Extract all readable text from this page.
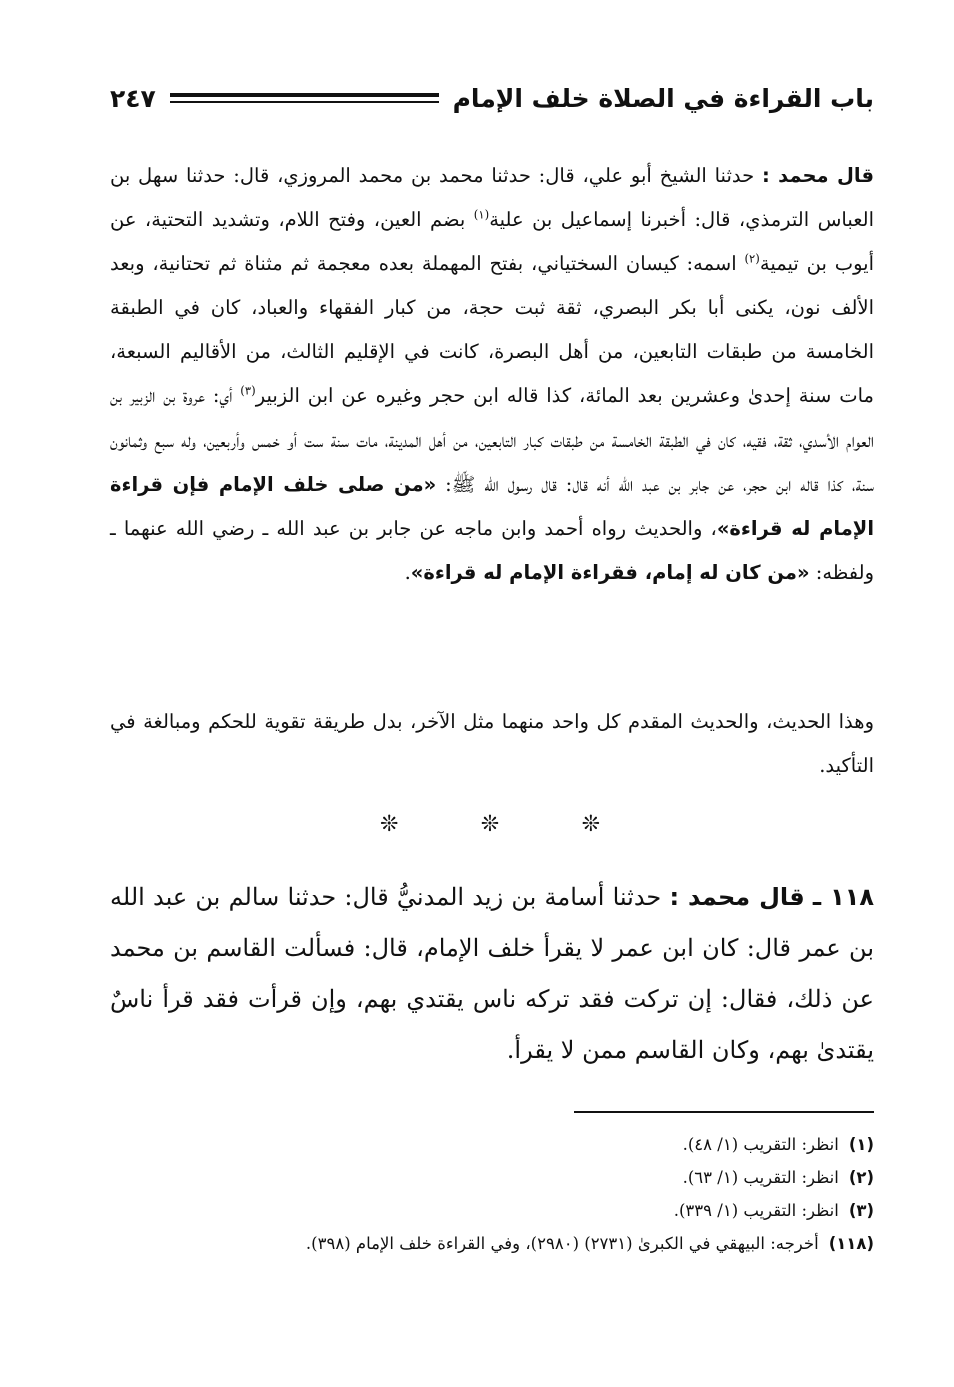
باب القراءة في الصلاة خلف الإمام
٢٤٧
قال محمد : حدثنا الشيخ أبو علي، قال: حدثنا محمد بن محمد المروزي، قال: حدثنا سهل بن العباس الترمذي، قال: أخبرنا إسماعيل بن علية$^{(١)}$ بضم العين، وفتح اللام، وتشديد التحتية، عن أيوب بن تيمية$^{(٢)}$ اسمه: كيسان السختياني، بفتح المهملة بعده معجمة ثم مثناة ثم تحتانية، وبعد الألف نون، يكنى أبا بكر البصري، ثقة ثبت حجة، من كبار الفقهاء والعباد، كان في الطبقة الخامسة من طبقات التابعين، من أهل البصرة، كانت في الإقليم الثالث، من الأقاليم السبعة، مات سنة إحدىٰ وعشرين بعد المائة، كذا قاله ابن حجر وغيره عن ابن الزبير$^{(٣)}$ أي: عروة بن الزبير بن العوام الأسدي، ثقة، فقيه، كان في الطبقة الخامسة من طبقات كبار التابعين، من أهل المدينة، مات سنة ست أو خمس وأربعين، وله سبع وثمانون سنة، كذا قاله ابن حجر، عن جابر بن عبد الله أنه قال: قال رسول الله ﷺ: «من صلى خلف الإمام فإن قراءة الإمام له قراءة»، والحديث رواه أحمد وابن ماجه عن جابر بن عبد الله ـ رضي الله عنهما ـ ولفظه: «من كان له إمام، فقراءة الإمام له قراءة».
وهذا الحديث، والحديث المقدم كل واحد منهما مثل الآخر، بدل طريقة تقوية للحكم ومبالغة في التأكيد.
❊
❊
❊
١١٨ ـ قال محمد : حدثنا أسامة بن زيد المدنيُّ قال: حدثنا سالم بن عبد الله بن عمر قال: كان ابن عمر لا يقرأ خلف الإمام، قال: فسألت القاسم بن محمد عن ذلك، فقال: إن تركت فقد تركه ناس يقتدي بهم، وإن قرأت فقد قرأ ناسٌ يقتدىٰ بهم، وكان القاسم ممن لا يقرأ.
(١)انظر: التقريب (١/ ٤٨).
(٢)انظر: التقريب (١/ ٦٣).
(٣)انظر: التقريب (١/ ٣٣٩).
(١١٨)أخرجه: البيهقي في الكبرىٰ (٢٧٣١) (٢٩٨٠)، وفي القراءة خلف الإمام (٣٩٨).
